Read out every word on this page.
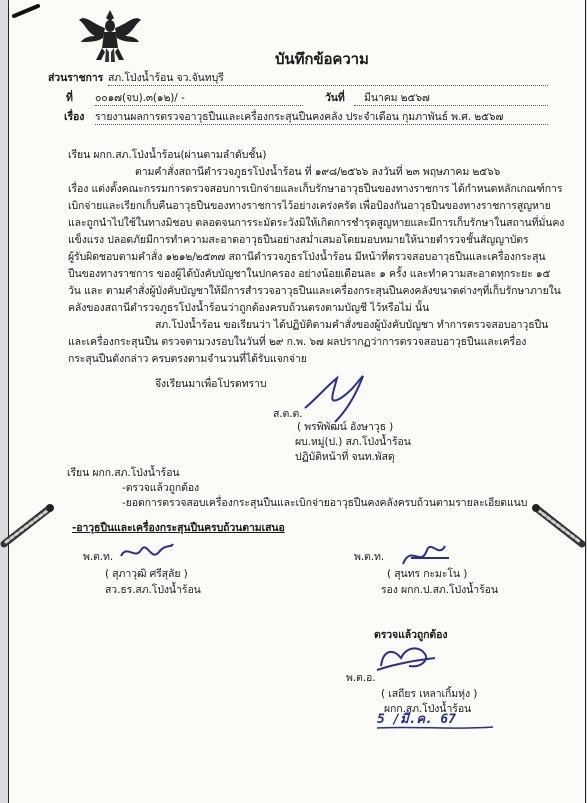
บันทึกข้อความ
ส่วนราชการ สภ.โป่งน้ำร้อน จว.จันทบุรี
ที่ ๐๐๑๗(จบ).๓(๑๒)/ -	วันที่	มีนาคม ๒๕๖๗
เรื่อง รายงานผลการตรวจอาวุธปืนและเครื่องกระสุนปืนคงคลัง ประจำเดือน กุมภาพันธ์ พ.ศ. ๒๕๖๗
เรียน ผกก.สภ.โป่งน้ำร้อน(ผ่านตามลำดับชั้น)
ตามคำสั่งสถานีตำรวจภูธรโป่งน้ำร้อน ที่ ๑๙๘/๒๕๖๖ ลงวันที่ ๒๓ พฤษภาคม ๒๕๖๖
เรื่อง แต่งตั้งคณะกรรมการตรวจสอบการเบิกจ่ายและเก็บรักษาอาวุธปืนของทางราชการ ได้กำหนดหลักเกณฑ์การ
เบิกจ่ายและเรียกเก็บคืนอาวุธปืนของทางราชการไว้อย่างเคร่งครัด เพื่อป้องกันอาวุธปืนของทางราชการสูญหาย
และถูกนำไปใช้ในทางมิชอบ ตลอดจนการระมัดระวังมิให้เกิดการชำรุดสูญหายและมีการเก็บรักษาในสถานที่มั่นคง
แข็งแรง ปลอดภัยมีการทำความสะอาดอาวุธปืนอย่างสม่ำเสมอโดยมอบหมายให้นายตำรวจชั้นสัญญาบัตร
ผู้รับผิดชอบตามคำสั่ง ๑๒๑๒/๒๕๓๗ สถานีตำรวจภูธรโป่งน้ำร้อน มีหน้าที่ตรวจสอบอาวุธปืนและเครื่องกระสุน
ปืนของทางราชการ ของผู้ได้บังคับบัญชาในปกครอง อย่างน้อยเดือนละ ๑ ครั้ง และทำความสะอาดทุกระยะ ๑๕
วัน และ ตามคำสั่งผู้บังคับบัญชาให้มีการสำรวจอาวุธปืนและเครื่องกระสุนปืนคงคลังขนาดต่างๆที่เก็บรักษาภายใน
คลังของสถานีตำรวจภูธรโป่งน้ำร้อนว่าถูกต้องครบถ้วนตรงตามบัญชี ไว้หรือไม่ นั้น
สภ.โป่งน้ำร้อน ขอเรียนว่า ได้ปฏิบัติตามคำสั่งของผู้บังคับบัญชา ทำการตรวจสอบอาวุธปืน
และเครื่องกระสุนปืน ตรวจตามวงรอบในวันที่ ๒๙ ก.พ. ๖๗ ผลปรากฏว่าการตรวจสอบอาวุธปืนและเครื่อง
กระสุนปืนดังกล่าว ครบตรงตามจำนวนที่ได้รับแจกจ่าย
จึงเรียนมาเพื่อโปรดทราบ
ส.ต.ต.
( พรพิพัฒน์ อังษาวุธ )
ผบ.หมู่(ป.) สภ.โป่งน้ำร้อน
ปฏิบัติหน้าที่ จนท.พัสดุ
เรียน ผกก.สภ.โป่งน้ำร้อน
-ตรวจแล้วถูกต้อง
-ยอดการตรวจสอบเครื่องกระสุนปืนและเบิกจ่ายอาวุธปืนคงคลังครบถ้วนตามรายละเอียดแนบ
-อาวุธปืนและเครื่องกระสุนปืนครบถ้วนตามเสนอ
พ.ต.ท.
( สุภาวุฒิ ศรีสุลัย )
สว.ธร.สภ.โป่งน้ำร้อน
พ.ต.ท.
( สุนทร กะมะโน )
รอง ผกก.ป.สภ.โป่งน้ำร้อน
ตรวจแล้วถูกต้อง
พ.ต.อ.
( เสถียร เหลาเกิ้มหุ่ง )
ผกก.สภ.โป่งน้ำร้อน
5 /มี.ค. 67
